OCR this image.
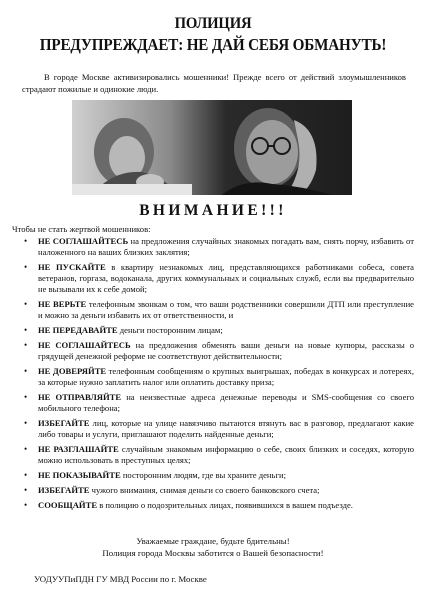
ПОЛИЦИЯ
ПРЕДУПРЕЖДАЕТ: НЕ ДАЙ СЕБЯ ОБМАНУТЬ!

В городе Москве активизировались мошенники! Прежде всего от действий злоумышленников страдают пожилые и одинокие люди.

ВНИМАНИЕ!!!
Чтобы не стать жертвой мошенников:
• НЕ СОГЛАШАЙТЕСЬ на предложения случайных знакомых погадать вам, снять порчу, избавить от наложенного на ваших близких заклятия;
• НЕ ПУСКАЙТЕ в квартиру незнакомых лиц, представляющихся работниками собеса, совета ветеранов, горгаза, водоканала, других коммунальных и социальных служб, если вы предварительно не вызывали их к себе домой;
• НЕ ВЕРЬТЕ телефонным звонкам о том, что ваши родственники совершили ДТП или преступление и можно за деньги избавить их от ответственности, и
• НЕ ПЕРЕДАВАЙТЕ деньги посторонним лицам;
• НЕ СОГЛАШАЙТЕСЬ на предложения обменять ваши деньги на новые купюры, рассказы о грядущей денежной реформе не соответствуют действительности;
• НЕ ДОВЕРЯЙТЕ телефонным сообщениям о крупных выигрышах, победах в конкурсах и лотереях, за которые нужно заплатить налог или оплатить доставку приза;
• НЕ ОТПРАВЛЯЙТЕ на неизвестные адреса денежные переводы и SMS-сообщения со своего мобильного телефона;
• ИЗБЕГАЙТЕ лиц, которые на улице навязчиво пытаются втянуть вас в разговор, предлагают какие либо товары и услуги, приглашают поделить найденные деньги;
• НЕ РАЗГЛАШАЙТЕ случайным знакомым информацию о себе, своих близких и соседях, которую можно использовать в преступных целях;
• НЕ ПОКАЗЫВАЙТЕ посторонним людям, где вы храните деньги;
• ИЗБЕГАЙТЕ чужого внимания, снимая деньги со своего банковского счета;
• СООБЩАЙТЕ в полицию о подозрительных лицах, появившихся в вашем подъезде.
Уважаемые граждане, будьте бдительны!
Полиция города Москвы заботится о Вашей безопасности!
УОДУУПиПДН ГУ МВД России по г. Москве
